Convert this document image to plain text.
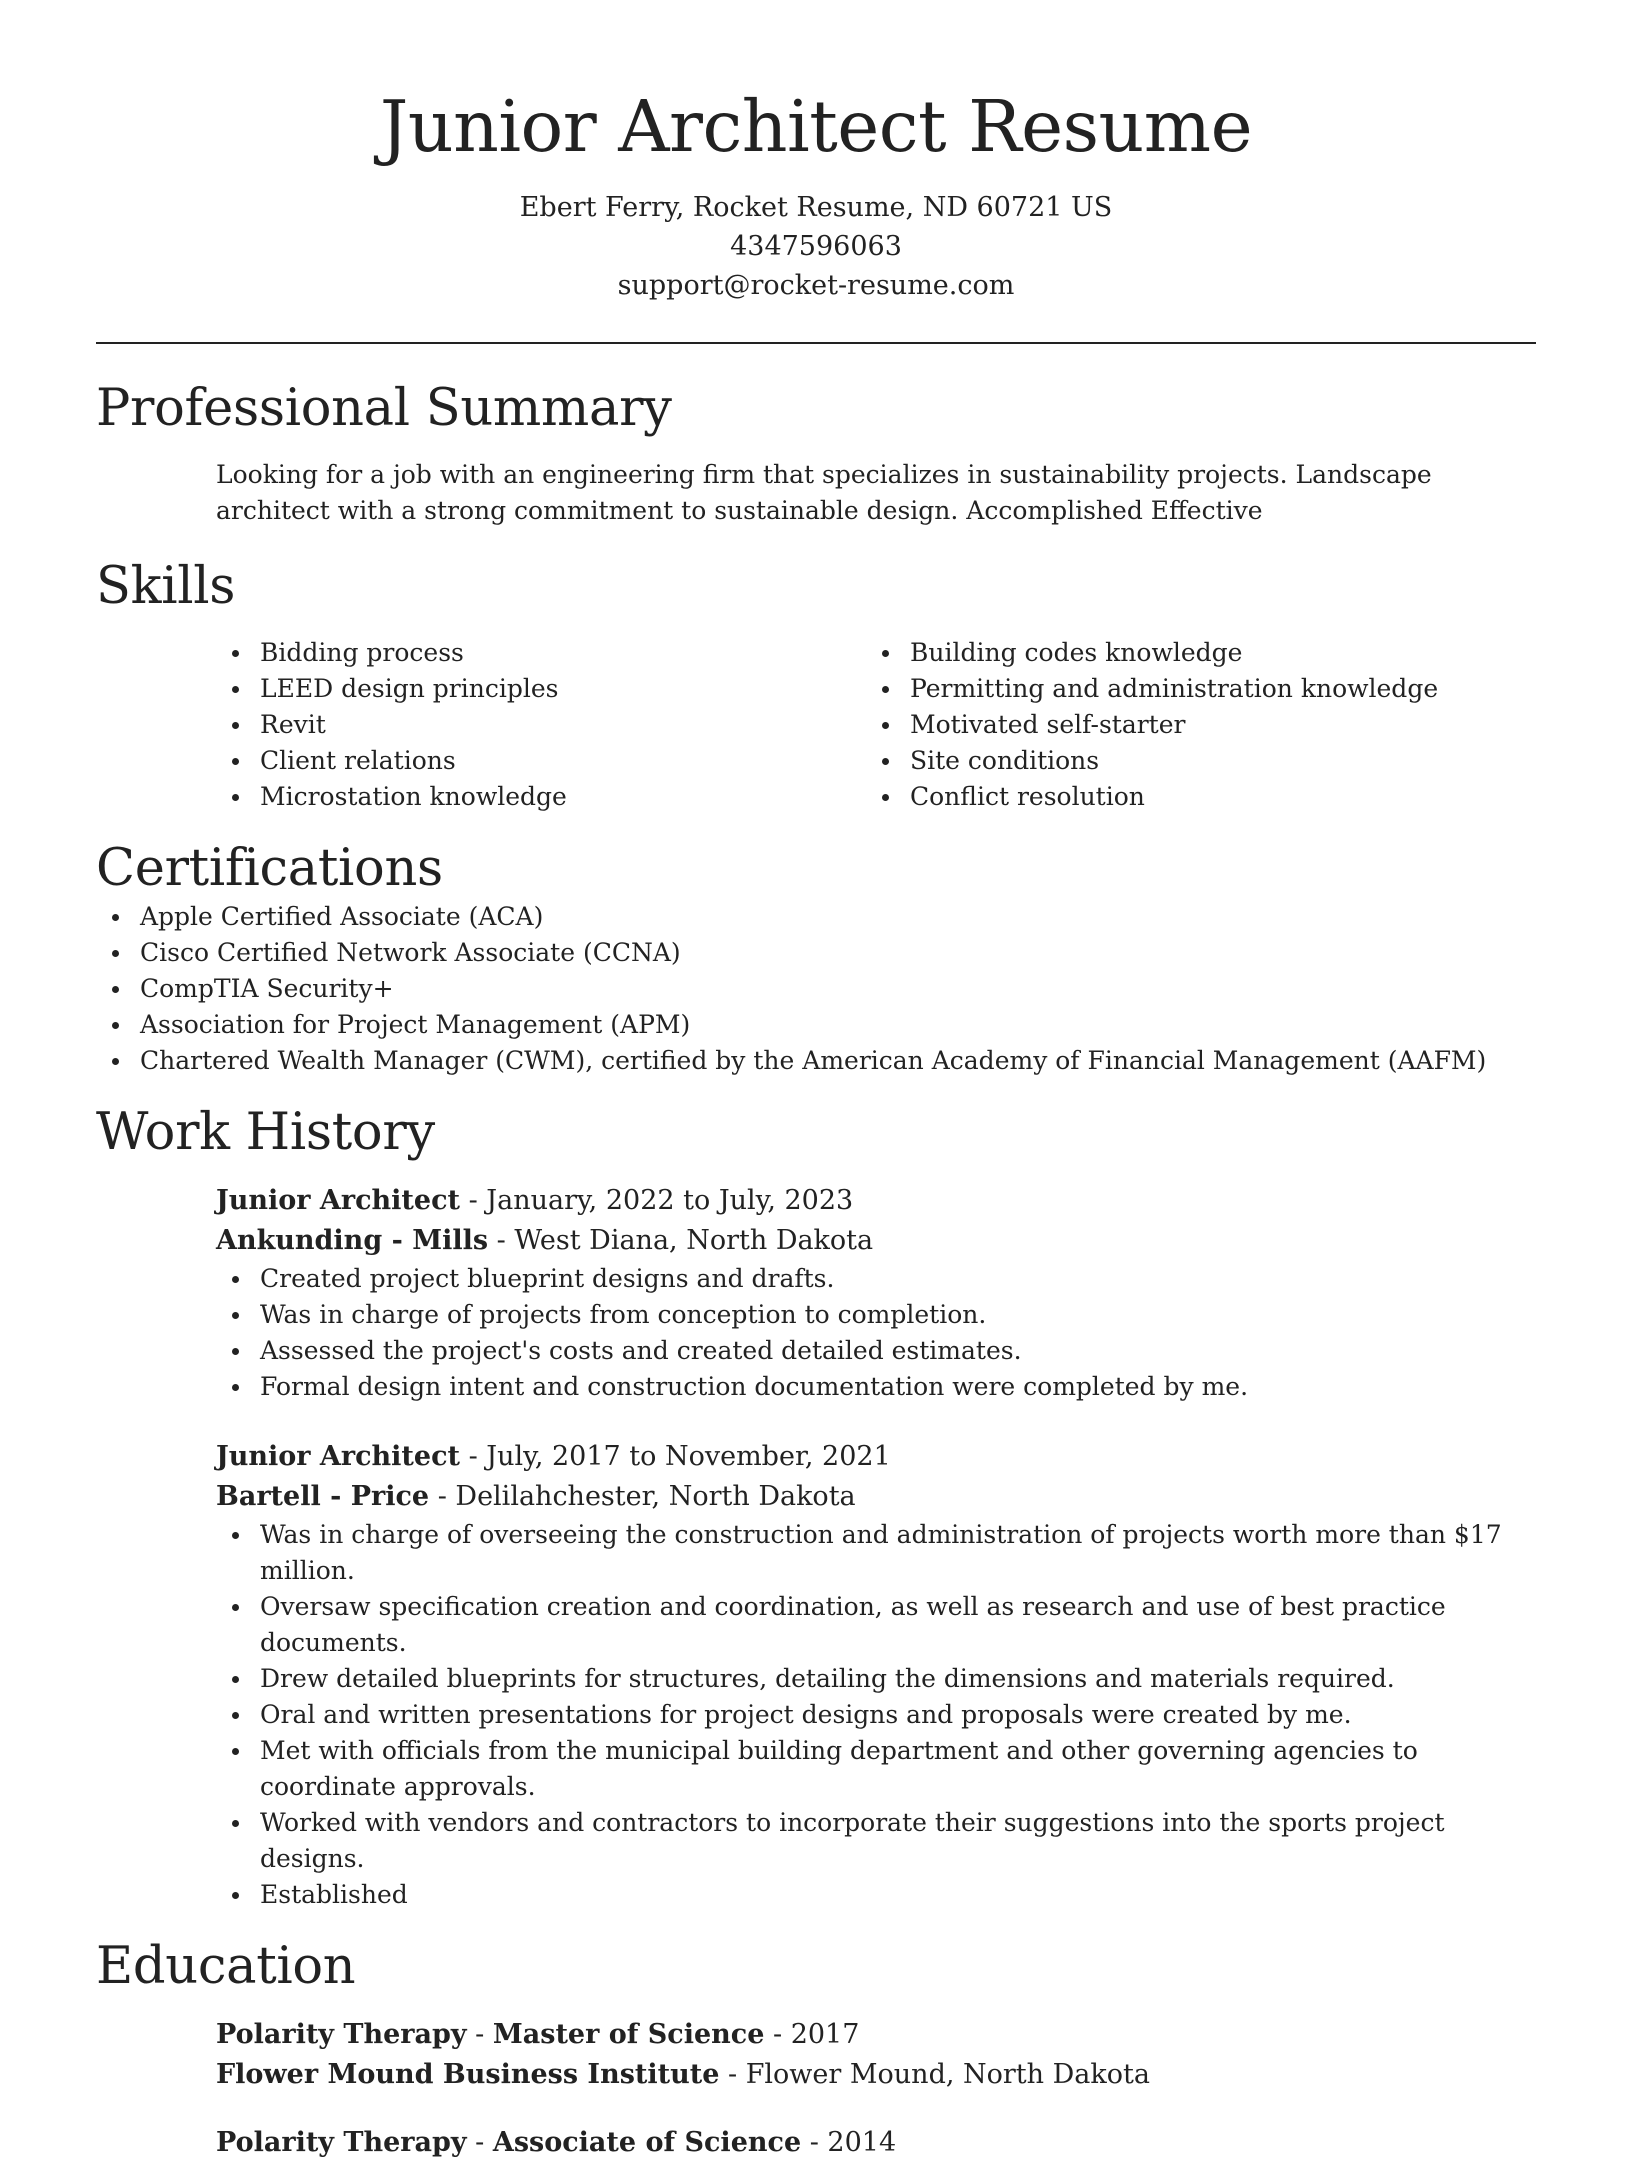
Junior Architect Resume
Ebert Ferry, Rocket Resume, ND 60721 US
4347596063
support@rocket-resume.com
Professional Summary

Looking for a job with an engineering firm that specializes in sustainability projects. Landscape architect with a strong commitment to sustainable design. Accomplished Effective

Skills
Bidding process
LEED design principles
Revit
Client relations
Microstation knowledge
Building codes knowledge
Permitting and administration knowledge
Motivated self-starter
Site conditions
Conflict resolution
Certifications
Apple Certified Associate (ACA)
Cisco Certified Network Associate (CCNA)
CompTIA Security+
Association for Project Management (APM)
Chartered Wealth Manager (CWM), certified by the American Academy of Financial Management (AAFM)
Work History
Junior Architect - January, 2022 to July, 2023
Ankunding - Mills - West Diana, North Dakota
Created project blueprint designs and drafts.
Was in charge of projects from conception to completion.
Assessed the project's costs and created detailed estimates.
Formal design intent and construction documentation were completed by me.
Junior Architect - July, 2017 to November, 2021
Bartell - Price - Delilahchester, North Dakota
Was in charge of overseeing the construction and administration of projects worth more than $17 million.
Oversaw specification creation and coordination, as well as research and use of best practice documents.
Drew detailed blueprints for structures, detailing the dimensions and materials required.
Oral and written presentations for project designs and proposals were created by me.
Met with officials from the municipal building department and other governing agencies to coordinate approvals.
Worked with vendors and contractors to incorporate their suggestions into the sports project designs.
Established
Education
Polarity Therapy - Master of Science - 2017
Flower Mound Business Institute - Flower Mound, North Dakota
Polarity Therapy - Associate of Science - 2014
